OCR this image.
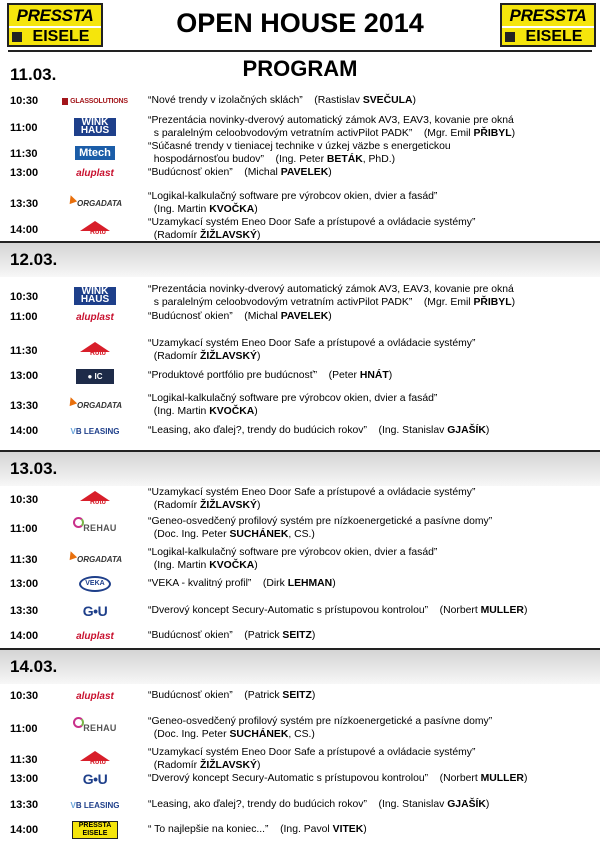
PRESSTA
EISELE	OPEN HOUSE 2014	PRESSTA
EISELE
PROGRAM
11.03.
10:30	GLASSOLUTIONS “Nové trendy v izolačných sklách”    (Rastislav SVEČULA)
11:00	WINK
HAUS
“Prezentácia novinky-dverový automatický zámok AV3, EAV3, kovanie pre okná
s paralelným celoobvodovým vetratním activPilot PADK”    (Mgr. Emil PŘIBYL)
11:30	Mtech
“Súčasné trendy v tieniacej technike v úzkej väzbe s energetickou
hospodárnosťou budov”    (Ing. Peter BETÁK, PhD.)
13:00	aluplast	“Budúcnosť okien”    (Michal PAVELEK)
13:30	ORGADATA
“Logikal-kalkulačný software pre výrobcov okien, dvier a fasád”
(Ing. Martin KVOČKA)
14:00	Roto
“Uzamykací systém Eneo Door Safe a prístupové a ovládacie systémy”
(Radomír ŽIŽLAVSKÝ)
12.03.
10:30	WINK
HAUS
“Prezentácia novinky-dverový automatický zámok AV3, EAV3, kovanie pre okná
s paralelným celoobvodovým vetratním activPilot PADK”    (Mgr. Emil PŘIBYL)
11:00	aluplast	“Budúcnosť okien”    (Michal PAVELEK)
11:30	Roto
“Uzamykací systém Eneo Door Safe a prístupové a ovládacie systémy”
(Radomír ŽIŽLAVSKÝ)
13:00	● IC	“Produktové portfólio pre budúcnosť”    (Peter HNÁT)
13:30	ORGADATA
“Logikal-kalkulačný software pre výrobcov okien, dvier a fasád”
(Ing. Martin KVOČKA)
14:00	VB LEASING	“Leasing, ako ďalej?, trendy do budúcich rokov”    (Ing. Stanislav GJAŠÍK)
13.03.
10:30	Roto
“Uzamykací systém Eneo Door Safe a prístupové a ovládacie systémy”
(Radomír ŽIŽLAVSKÝ)
11:00	REHAU
“Geneo-osvedčený profilový systém pre nízkoenergetické a pasívne domy”
(Doc. Ing. Peter SUCHÁNEK, CS.)
11:30	ORGADATA
“Logikal-kalkulačný software pre výrobcov okien, dvier a fasád”
(Ing. Martin KVOČKA)
13:00	VEKA	“VEKA - kvalitný profil”    (Dirk LEHMAN)
13:30	G•U	“Dverový koncept Secury-Automatic s prístupovou kontrolou”    (Norbert MULLER)
14:00	aluplast	“Budúcnosť okien”    (Patrick SEITZ)
14.03.
10:30	aluplast	“Budúcnosť okien”    (Patrick SEITZ)
11:00	REHAU
“Geneo-osvedčený profilový systém pre nízkoenergetické a pasívne domy”
(Doc. Ing. Peter SUCHÁNEK, CS.)
11:30	Roto
“Uzamykací systém Eneo Door Safe a prístupové a ovládacie systémy”
(Radomír ŽIŽLAVSKÝ)
13:00	G•U	“Dverový koncept Secury-Automatic s prístupovou kontrolou”    (Norbert MULLER)
13:30	VB LEASING	“Leasing, ako ďalej?, trendy do budúcich rokov”    (Ing. Stanislav GJAŠÍK)
14:00	PRESSTA
EISELE	“ To najlepšie na koniec...”    (Ing. Pavol VITEK)
